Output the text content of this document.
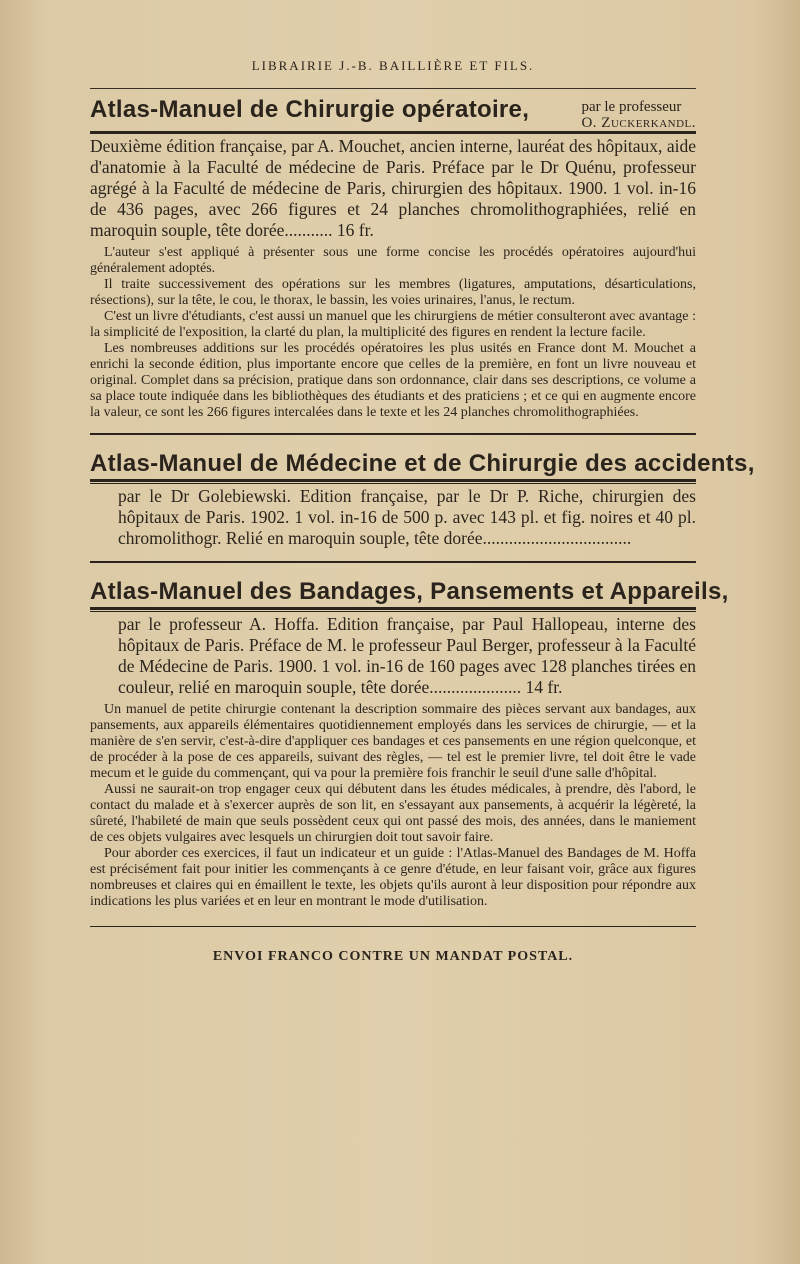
LIBRAIRIE J.-B. BAILLIÈRE ET FILS.
Atlas-Manuel de Chirurgie opératoire,	par le professeur
O. Zuckerkandl.

Deuxième édition française, par A. Mouchet, ancien interne, lauréat des hôpitaux, aide d'anatomie à la Faculté de médecine de Paris. Préface par le Dr Quénu, professeur agrégé à la Faculté de médecine de Paris, chirurgien des hôpitaux. 1900. 1 vol. in-16 de 436 pages, avec 266 figures et 24 planches chromolithographiées, relié en maroquin souple, tête dorée........... 16 fr.

L'auteur s'est appliqué à présenter sous une forme concise les procédés opératoires aujourd'hui généralement adoptés.

Il traite successivement des opérations sur les membres (ligatures, amputations, désarticulations, résections), sur la tête, le cou, le thorax, le bassin, les voies urinaires, l'anus, le rectum.

C'est un livre d'étudiants, c'est aussi un manuel que les chirurgiens de métier consulteront avec avantage : la simplicité de l'exposition, la clarté du plan, la multiplicité des figures en rendent la lecture facile.

Les nombreuses additions sur les procédés opératoires les plus usités en France dont M. Mouchet a enrichi la seconde édition, plus importante encore que celles de la première, en font un livre nouveau et original. Complet dans sa précision, pratique dans son ordonnance, clair dans ses descriptions, ce volume a sa place toute indiquée dans les bibliothèques des étudiants et des praticiens ; et ce qui en augmente encore la valeur, ce sont les 266 figures intercalées dans le texte et les 24 planches chromolithographiées.

Atlas-Manuel de Médecine et de Chirurgie des accidents,

par le Dr Golebiewski. Edition française, par le Dr P. Riche, chirurgien des hôpitaux de Paris. 1902. 1 vol. in-16 de 500 p. avec 143 pl. et fig. noires et 40 pl. chromolithogr. Relié en maroquin souple, tête dorée..................................

Atlas-Manuel des Bandages, Pansements et Appareils,

par le professeur A. Hoffa. Edition française, par Paul Hallopeau, interne des hôpitaux de Paris. Préface de M. le professeur Paul Berger, professeur à la Faculté de Médecine de Paris. 1900. 1 vol. in-16 de 160 pages avec 128 planches tirées en couleur, relié en maroquin souple, tête dorée..................... 14 fr.

Un manuel de petite chirurgie contenant la description sommaire des pièces servant aux bandages, aux pansements, aux appareils élémentaires quotidiennement employés dans les services de chirurgie, — et la manière de s'en servir, c'est-à-dire d'appliquer ces bandages et ces pansements en une région quelconque, et de procéder à la pose de ces appareils, suivant des règles, — tel est le premier livre, tel doit être le vade mecum et le guide du commençant, qui va pour la première fois franchir le seuil d'une salle d'hôpital.

Aussi ne saurait-on trop engager ceux qui débutent dans les études médicales, à prendre, dès l'abord, le contact du malade et à s'exercer auprès de son lit, en s'essayant aux pansements, à acquérir la légèreté, la sûreté, l'habileté de main que seuls possèdent ceux qui ont passé des mois, des années, dans le maniement de ces objets vulgaires avec lesquels un chirurgien doit tout savoir faire.

Pour aborder ces exercices, il faut un indicateur et un guide : l'Atlas-Manuel des Bandages de M. Hoffa est précisément fait pour initier les commençants à ce genre d'étude, en leur faisant voir, grâce aux figures nombreuses et claires qui en émaillent le texte, les objets qu'ils auront à leur disposition pour répondre aux indications les plus variées et en leur en montrant le mode d'utilisation.

ENVOI FRANCO CONTRE UN MANDAT POSTAL.
